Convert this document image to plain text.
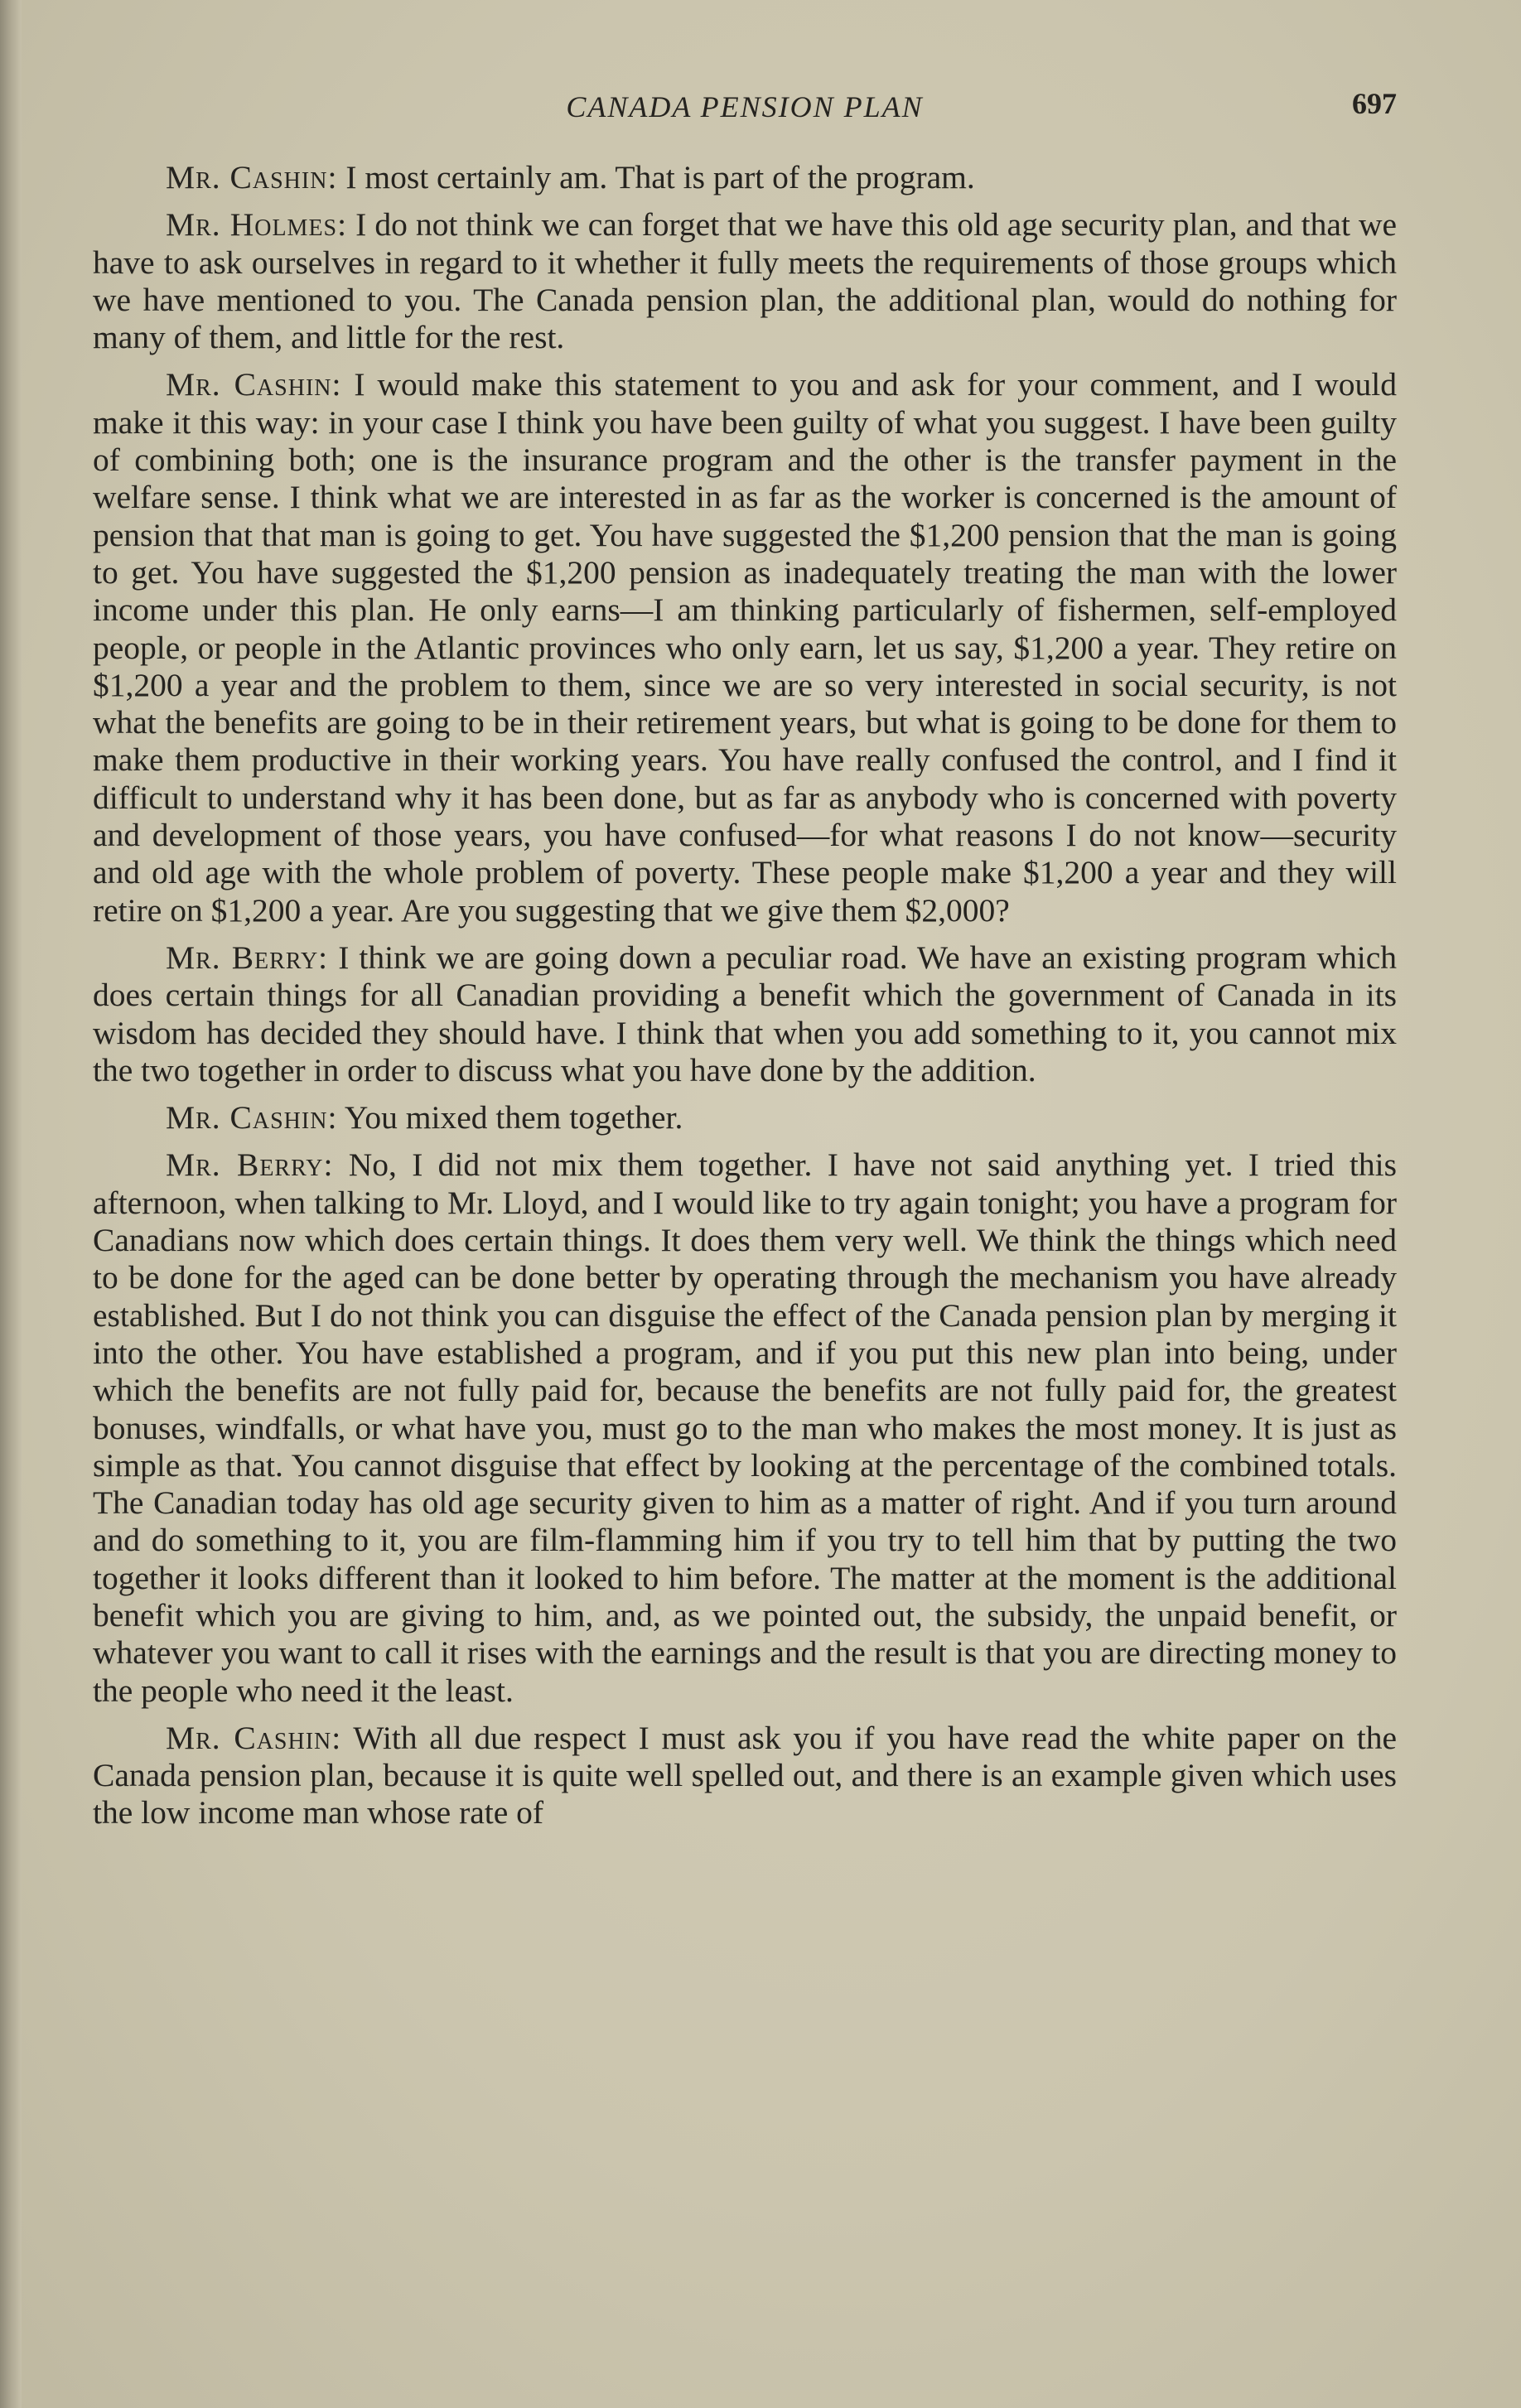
CANADA PENSION PLAN	697

Mr. Cashin: I most certainly am. That is part of the program.

Mr. Holmes: I do not think we can forget that we have this old age security plan, and that we have to ask ourselves in regard to it whether it fully meets the requirements of those groups which we have mentioned to you. The Canada pension plan, the additional plan, would do nothing for many of them, and little for the rest.

Mr. Cashin: I would make this statement to you and ask for your comment, and I would make it this way: in your case I think you have been guilty of what you suggest. I have been guilty of combining both; one is the insurance program and the other is the transfer payment in the welfare sense. I think what we are interested in as far as the worker is concerned is the amount of pension that that man is going to get. You have suggested the $1,200 pension that the man is going to get. You have suggested the $1,200 pension as inadequately treating the man with the lower income under this plan. He only earns—I am thinking particularly of fishermen, self-employed people, or people in the Atlantic provinces who only earn, let us say, $1,200 a year. They retire on $1,200 a year and the problem to them, since we are so very interested in social security, is not what the benefits are going to be in their retirement years, but what is going to be done for them to make them productive in their working years. You have really confused the control, and I find it difficult to understand why it has been done, but as far as anybody who is concerned with poverty and development of those years, you have confused—for what reasons I do not know—security and old age with the whole problem of poverty. These people make $1,200 a year and they will retire on $1,200 a year. Are you suggesting that we give them $2,000?

Mr. Berry: I think we are going down a peculiar road. We have an existing program which does certain things for all Canadian providing a benefit which the government of Canada in its wisdom has decided they should have. I think that when you add something to it, you cannot mix the two together in order to discuss what you have done by the addition.

Mr. Cashin: You mixed them together.

Mr. Berry: No, I did not mix them together. I have not said anything yet. I tried this afternoon, when talking to Mr. Lloyd, and I would like to try again tonight; you have a program for Canadians now which does certain things. It does them very well. We think the things which need to be done for the aged can be done better by operating through the mechanism you have already established. But I do not think you can disguise the effect of the Canada pension plan by merging it into the other. You have established a program, and if you put this new plan into being, under which the benefits are not fully paid for, because the benefits are not fully paid for, the greatest bonuses, windfalls, or what have you, must go to the man who makes the most money. It is just as simple as that. You cannot disguise that effect by looking at the percentage of the combined totals. The Canadian today has old age security given to him as a matter of right. And if you turn around and do something to it, you are film-flamming him if you try to tell him that by putting the two together it looks different than it looked to him before. The matter at the moment is the additional benefit which you are giving to him, and, as we pointed out, the subsidy, the unpaid benefit, or whatever you want to call it rises with the earnings and the result is that you are directing money to the people who need it the least.

Mr. Cashin: With all due respect I must ask you if you have read the white paper on the Canada pension plan, because it is quite well spelled out, and there is an example given which uses the low income man whose rate of
